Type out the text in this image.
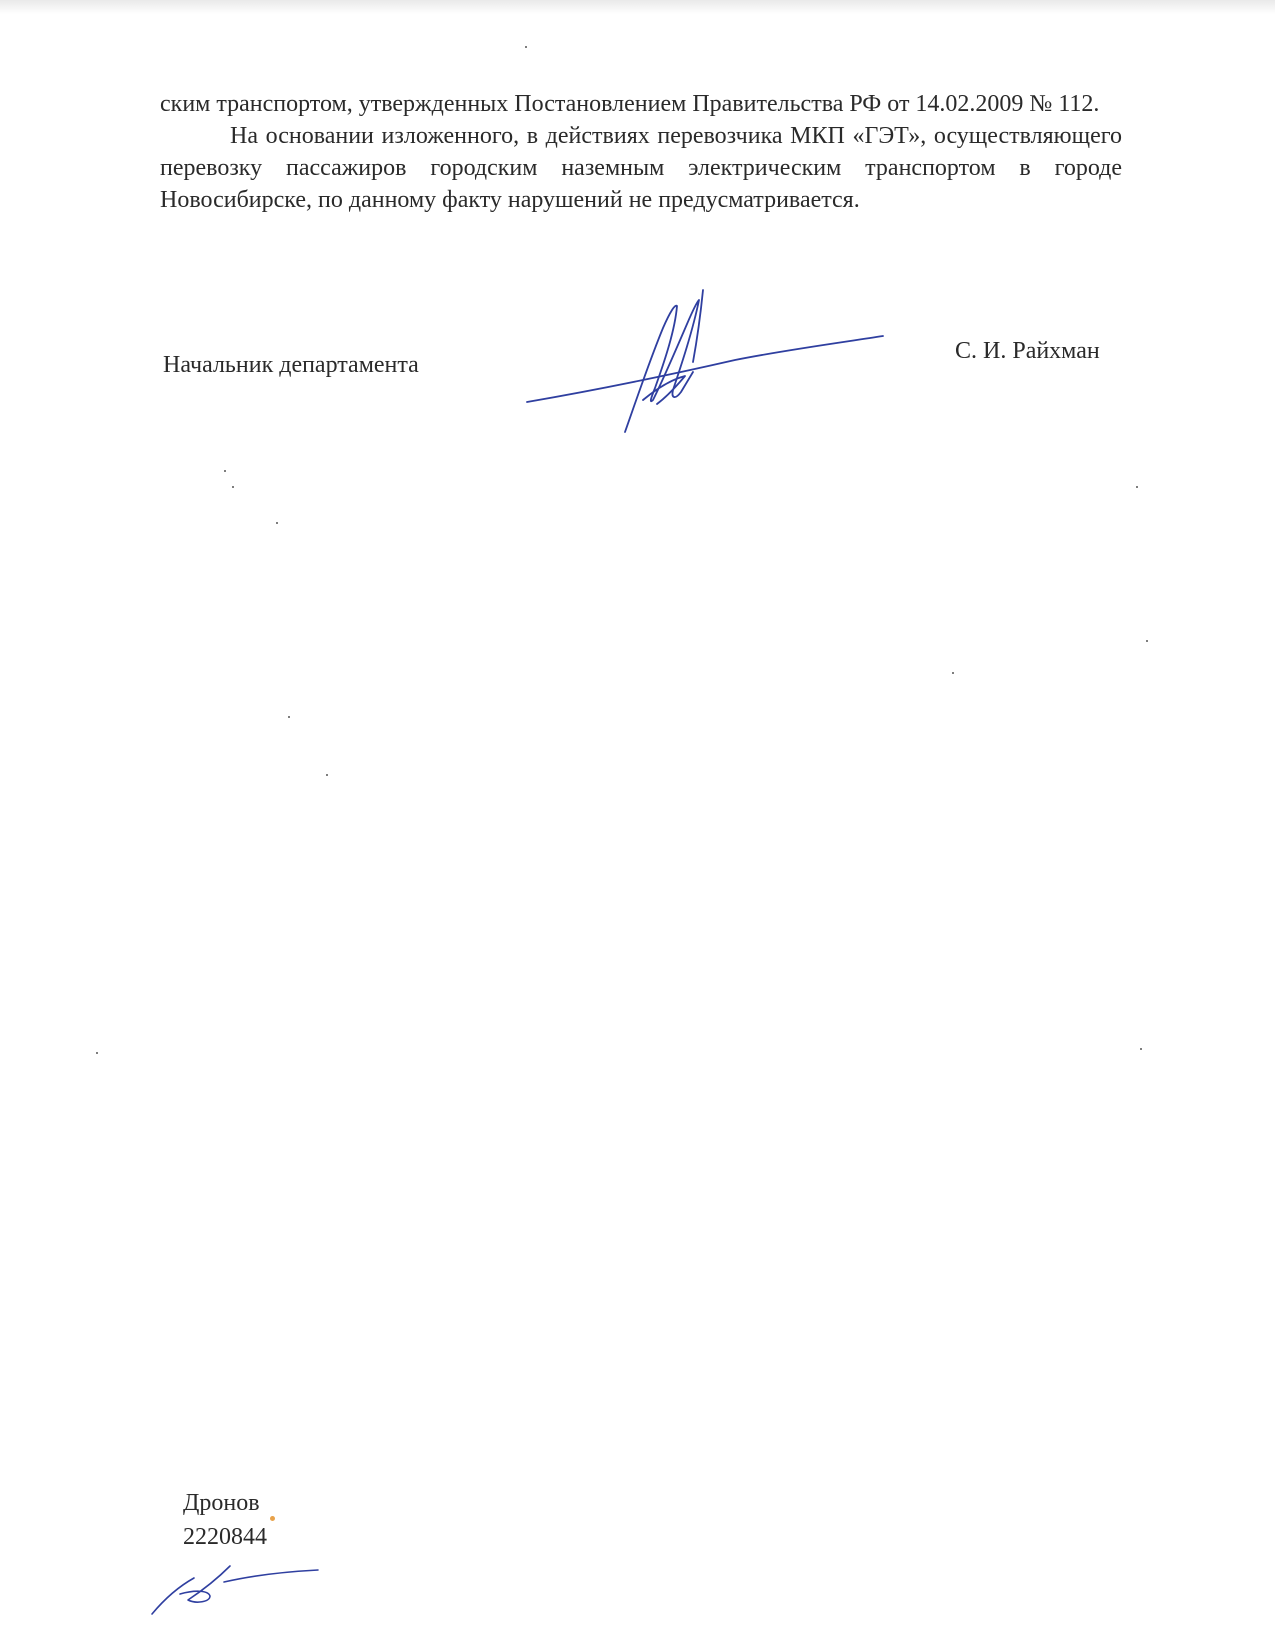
ским транспортом, утвержденных Постановлением Правительства РФ от 14.02.2009 № 112.

На основании изложенного, в действиях перевозчика МКП «ГЭТ», осуществляющего перевозку пассажиров городским наземным электрическим транспортом в городе Новосибирске, по данному факту нарушений не предусматривается.

Начальник департамента
С. И. Райхман
Дронов
2220844
